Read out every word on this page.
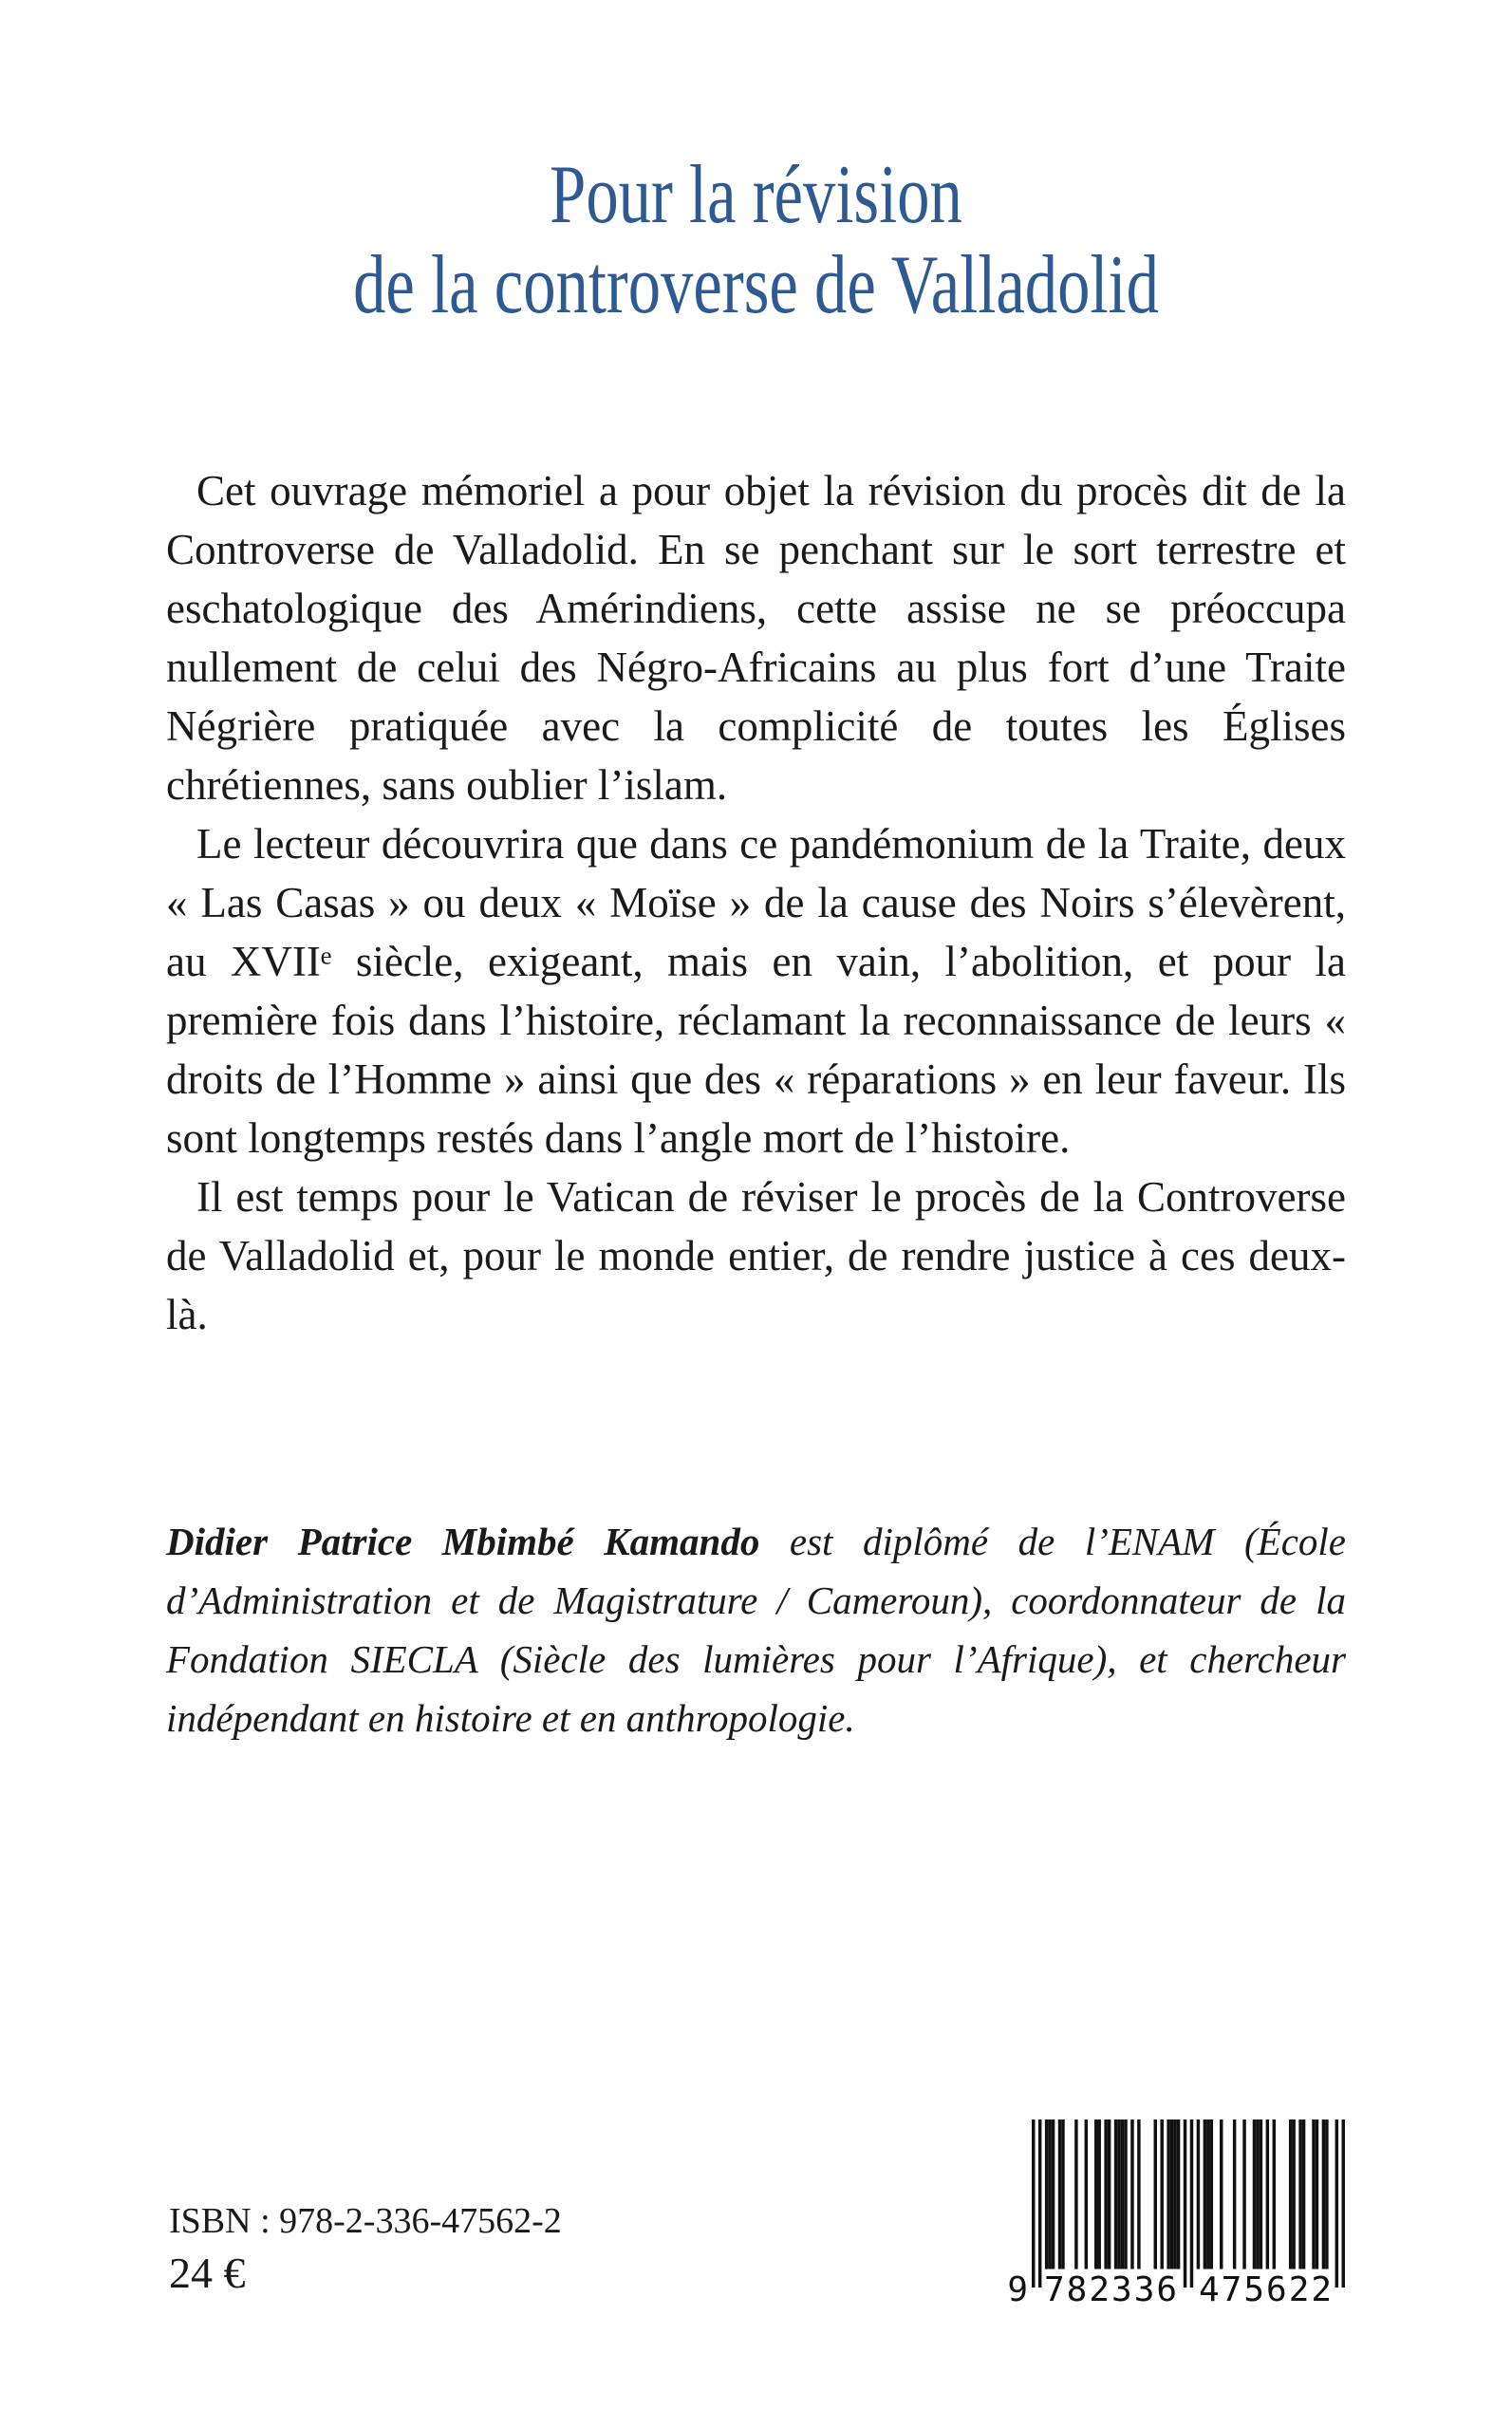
Pour la révision
de la controverse de Valladolid

Cet ouvrage mémoriel a pour objet la révision du procès dit de la Controverse de Valladolid. En se penchant sur le sort terrestre et eschatologique des Amérindiens, cette assise ne se préoccupa nullement de celui des Négro-Africains au plus fort d’une Traite Négrière pratiquée avec la complicité de toutes les Églises chrétiennes, sans oublier l’islam.

Le lecteur découvrira que dans ce pandémonium de la Traite, deux « Las Casas » ou deux « Moïse » de la cause des Noirs s’élevèrent, au XVIIᵉ siècle, exigeant, mais en vain, l’abolition, et pour la première fois dans l’histoire, réclamant la reconnaissance de leurs « droits de l’Homme » ainsi que des « réparations » en leur faveur. Ils sont longtemps restés dans l’angle mort de l’histoire.

Il est temps pour le Vatican de réviser le procès de la Controverse de Valladolid et, pour le monde entier, de rendre justice à ces deux-là.

Didier Patrice Mbimbé Kamando est diplômé de l’ENAM (École d’Administration et de Magistrature / Cameroun), coordonnateur de la Fondation SIECLA (Siècle des lumières pour l’Afrique), et chercheur indépendant en histoire et en anthropologie.

ISBN : 978-2-336-47562-2
24 €	9 782336 475622
